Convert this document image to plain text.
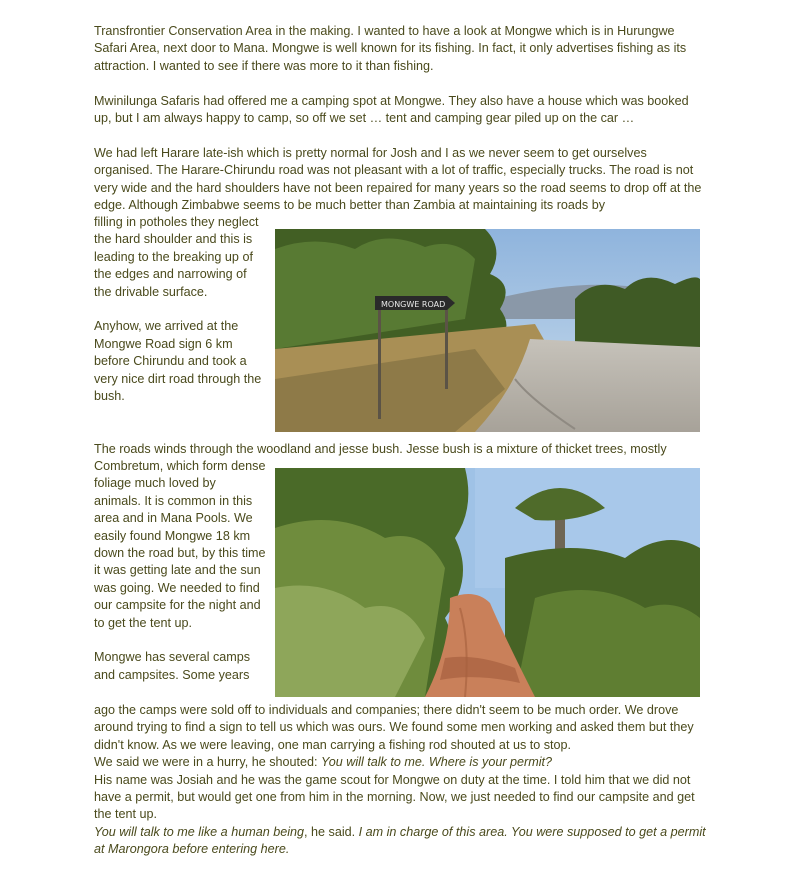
Transfrontier Conservation Area in the making. I wanted to have a look at Mongwe which is in Hurungwe Safari Area, next door to Mana. Mongwe is well known for its fishing. In fact, it only advertises fishing as its attraction. I wanted to see if there was more to it than fishing.

Mwinilunga Safaris had offered me a camping spot at Mongwe. They also have a house which was booked up, but I am always happy to camp, so off we set … tent and camping gear piled up on the car …

We had left Harare late-ish which is pretty normal for Josh and I as we never seem to get ourselves organised. The Harare-Chirundu road was not pleasant with a lot of traffic, especially trucks. The road is not very wide and the hard shoulders have not been repaired for many years so the road seems to drop off at the edge. Although Zimbabwe seems to be much better than Zambia at maintaining its roads by

filling in potholes they neglect the hard shoulder and this is leading to the breaking up of the edges and narrowing of the drivable surface.

Anyhow, we arrived at the Mongwe Road sign 6 km before Chirundu and took a very nice dirt road through the bush.

MONGWE ROAD

The roads winds through the woodland and jesse bush. Jesse bush is a mixture of thicket trees, mostly

Combretum, which form dense foliage much loved by animals. It is common in this area and in Mana Pools. We easily found Mongwe 18 km down the road but, by this time it was getting late and the sun was going. We needed to find our campsite for the night and to get the tent up.

Mongwe has several camps and campsites. Some years

ago the camps were sold off to individuals and companies; there didn't seem to be much order. We drove around trying to find a sign to tell us which was ours. We found some men working and asked them but they didn't know. As we were leaving, one man carrying a fishing rod shouted at us to stop.

We said we were in a hurry, he shouted: You will talk to me. Where is your permit?

His name was Josiah and he was the game scout for Mongwe on duty at the time. I told him that we did not have a permit, but would get one from him in the morning. Now, we just needed to find our campsite and get the tent up.

You will talk to me like a human being, he said. I am in charge of this area. You were supposed to get a permit at Marongora before entering here.
